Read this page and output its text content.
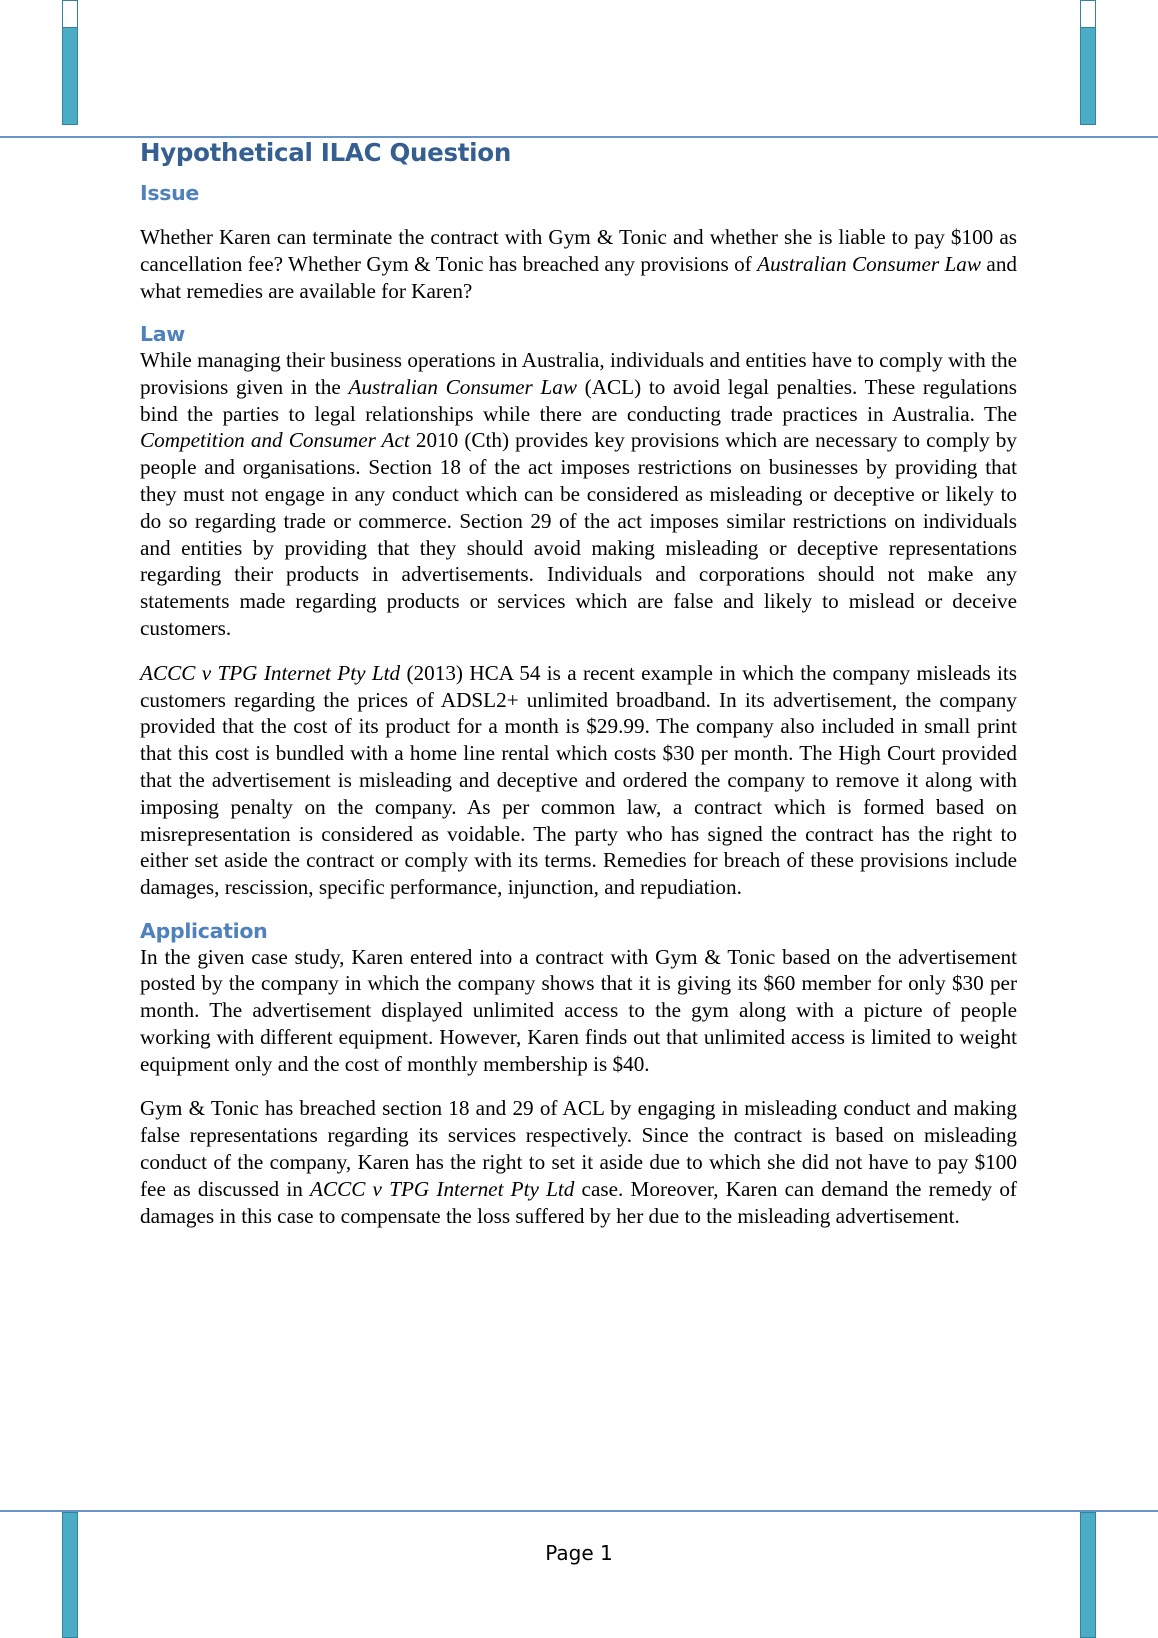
Hypothetical ILAC Question
Issue

Whether Karen can terminate the contract with Gym & Tonic and whether she is liable to pay $100 as cancellation fee? Whether Gym & Tonic has breached any provisions of Australian Consumer Law and what remedies are available for Karen?

Law

While managing their business operations in Australia, individuals and entities have to comply with the provisions given in the Australian Consumer Law (ACL) to avoid legal penalties. These regulations bind the parties to legal relationships while there are conducting trade practices in Australia. The Competition and Consumer Act 2010 (Cth) provides key provisions which are necessary to comply by people and organisations. Section 18 of the act imposes restrictions on businesses by providing that they must not engage in any conduct which can be considered as misleading or deceptive or likely to do so regarding trade or commerce. Section 29 of the act imposes similar restrictions on individuals and entities by providing that they should avoid making misleading or deceptive representations regarding their products in advertisements. Individuals and corporations should not make any statements made regarding products or services which are false and likely to mislead or deceive customers.

ACCC v TPG Internet Pty Ltd (2013) HCA 54 is a recent example in which the company misleads its customers regarding the prices of ADSL2+ unlimited broadband. In its advertisement, the company provided that the cost of its product for a month is $29.99. The company also included in small print that this cost is bundled with a home line rental which costs $30 per month. The High Court provided that the advertisement is misleading and deceptive and ordered the company to remove it along with imposing penalty on the company. As per common law, a contract which is formed based on misrepresentation is considered as voidable. The party who has signed the contract has the right to either set aside the contract or comply with its terms. Remedies for breach of these provisions include damages, rescission, specific performance, injunction, and repudiation.

Application

In the given case study, Karen entered into a contract with Gym & Tonic based on the advertisement posted by the company in which the company shows that it is giving its $60 member for only $30 per month. The advertisement displayed unlimited access to the gym along with a picture of people working with different equipment. However, Karen finds out that unlimited access is limited to weight equipment only and the cost of monthly membership is $40.

Gym & Tonic has breached section 18 and 29 of ACL by engaging in misleading conduct and making false representations regarding its services respectively. Since the contract is based on misleading conduct of the company, Karen has the right to set it aside due to which she did not have to pay $100 fee as discussed in ACCC v TPG Internet Pty Ltd case. Moreover, Karen can demand the remedy of damages in this case to compensate the loss suffered by her due to the misleading advertisement.

Page 1
